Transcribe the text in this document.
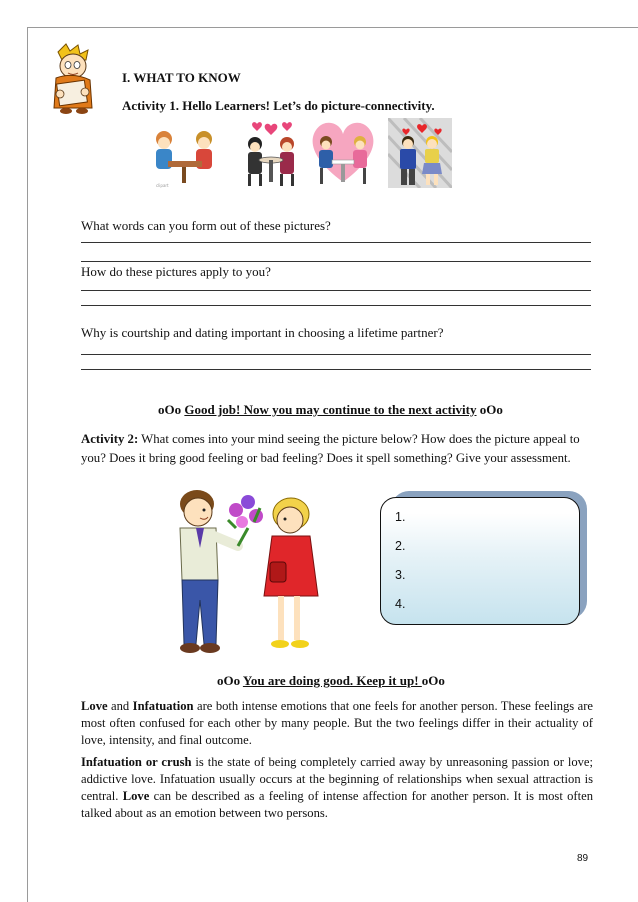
I. WHAT TO KNOW
Activity 1. Hello Learners! Let’s do picture-connectivity.
clipart
What words can you form out of these pictures?
How do these pictures apply to you?
Why is courtship and dating important in choosing a lifetime partner?
oOo Good job! Now you may continue to the next activity oOo
Activity 2: What comes into your mind seeing the picture below? How does the picture appeal to you? Does it bring good feeling or bad feeling? Does it spell something? Give your assessment.
1.
2.
3.
4.
oOo You are doing good. Keep it up! oOo
Love and Infatuation are both intense emotions that one feels for another person. These feelings are most often confused for each other by many people. But the two feelings differ in their actuality of love, intensity, and final outcome.
Infatuation or crush is the state of being completely carried away by unreasoning passion or love; addictive love. Infatuation usually occurs at the beginning of relationships when sexual attraction is central. Love can be described as a feeling of intense affection for another person. It is most often talked about as an emotion between two persons.
89
